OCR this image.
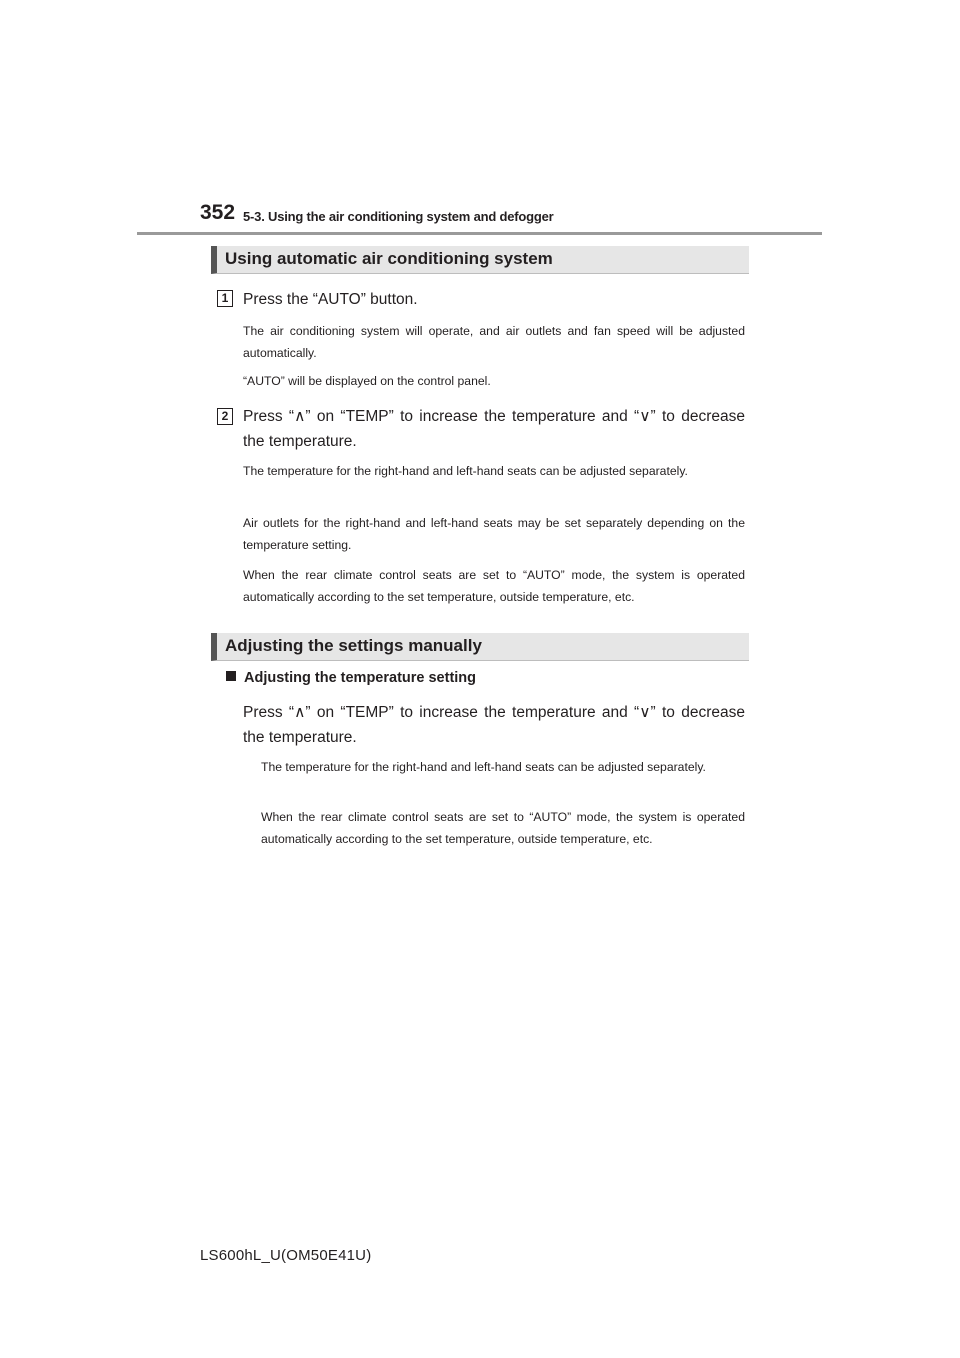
352 5-3. Using the air conditioning system and defogger
Using automatic air conditioning system
1 Press the “AUTO” button.
The air conditioning system will operate, and air outlets and fan speed will be adjusted automatically.
“AUTO” will be displayed on the control panel.
2 Press “∧” on “TEMP” to increase the temperature and “∨” to decrease the temperature.
The temperature for the right-hand and left-hand seats can be adjusted separately.
Air outlets for the right-hand and left-hand seats may be set separately depending on the temperature setting.
When the rear climate control seats are set to “AUTO” mode, the system is operated automatically according to the set temperature, outside temperature, etc.
Adjusting the settings manually
Adjusting the temperature setting
Press “∧” on “TEMP” to increase the temperature and “∨” to decrease the temperature.
The temperature for the right-hand and left-hand seats can be adjusted separately.
When the rear climate control seats are set to “AUTO” mode, the system is operated automatically according to the set temperature, outside temperature, etc.
LS600hL_U(OM50E41U)
